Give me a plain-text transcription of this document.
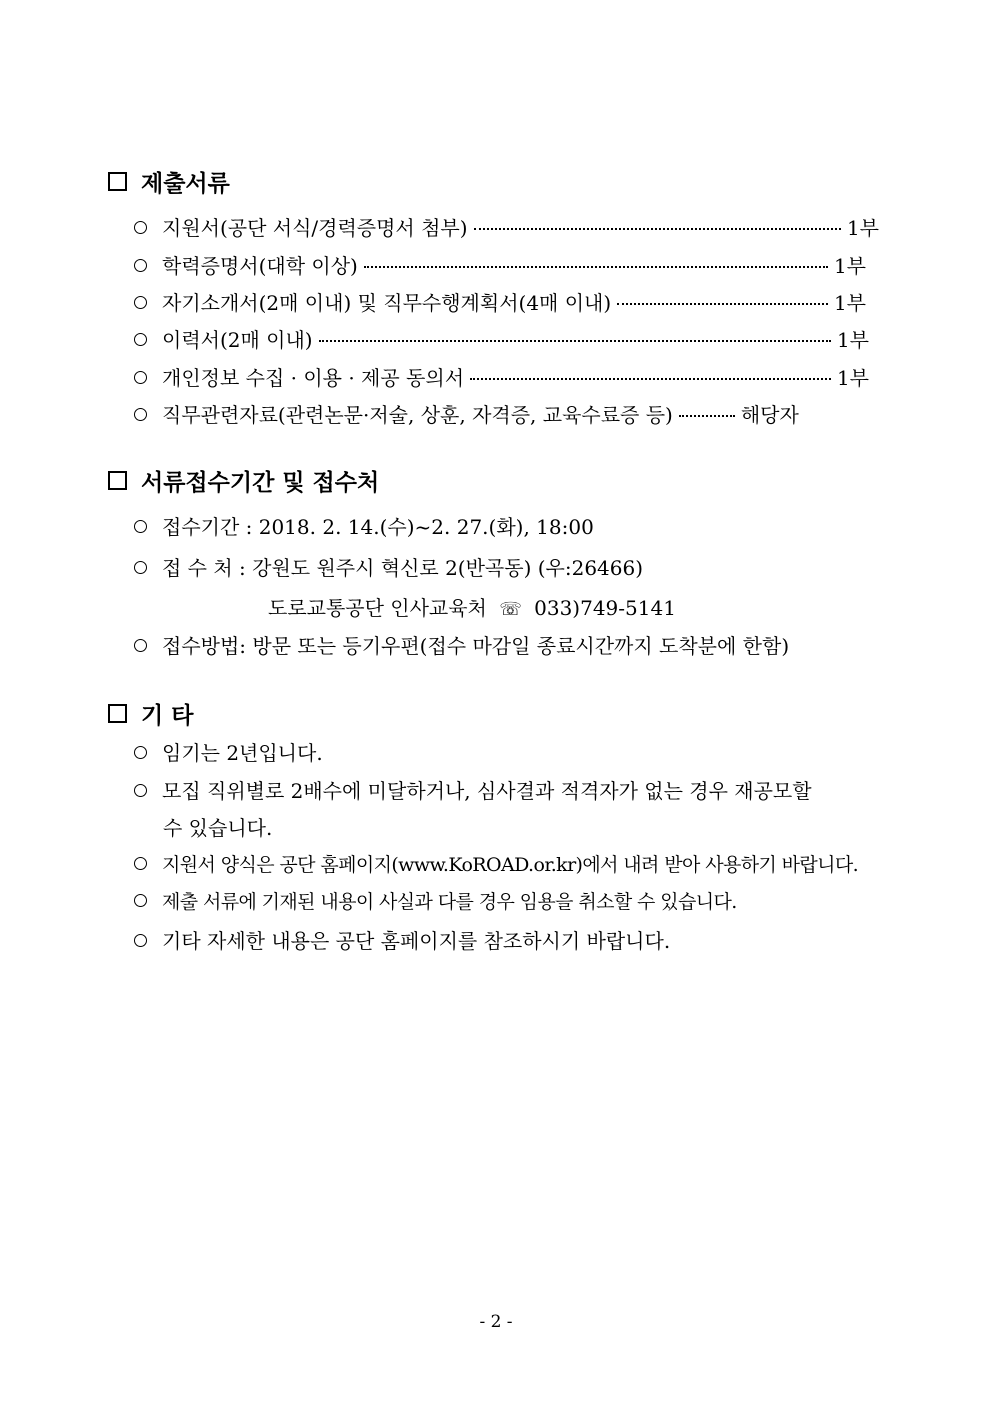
제출서류
지원서(공단 서식/경력증명서 첨부)	1부
학력증명서(대학 이상)	1부
자기소개서(2매 이내) 및 직무수행계획서(4매 이내)	1부
이력서(2매 이내)	1부
개인정보 수집 · 이용 · 제공 동의서	1부
직무관련자료(관련논문·저술, 상훈, 자격증, 교육수료증 등)	해당자
서류접수기간 및 접수처
접수기간 : 2018. 2. 14.(수)~2. 27.(화), 18:00
접 수 처 : 강원도 원주시 혁신로 2(반곡동) (우:26466)
도로교통공단 인사교육처 ☏ 033)749-5141
접수방법: 방문 또는 등기우편(접수 마감일 종료시간까지 도착분에 한함)
기 타
임기는 2년입니다.
모집 직위별로 2배수에 미달하거나, 심사결과 적격자가 없는 경우 재공모할
수 있습니다.
지원서 양식은 공단 홈페이지(www.KoROAD.or.kr)에서 내려 받아 사용하기 바랍니다.
제출 서류에 기재된 내용이 사실과 다를 경우 임용을 취소할 수 있습니다.
기타 자세한 내용은 공단 홈페이지를 참조하시기 바랍니다.
- 2 -
